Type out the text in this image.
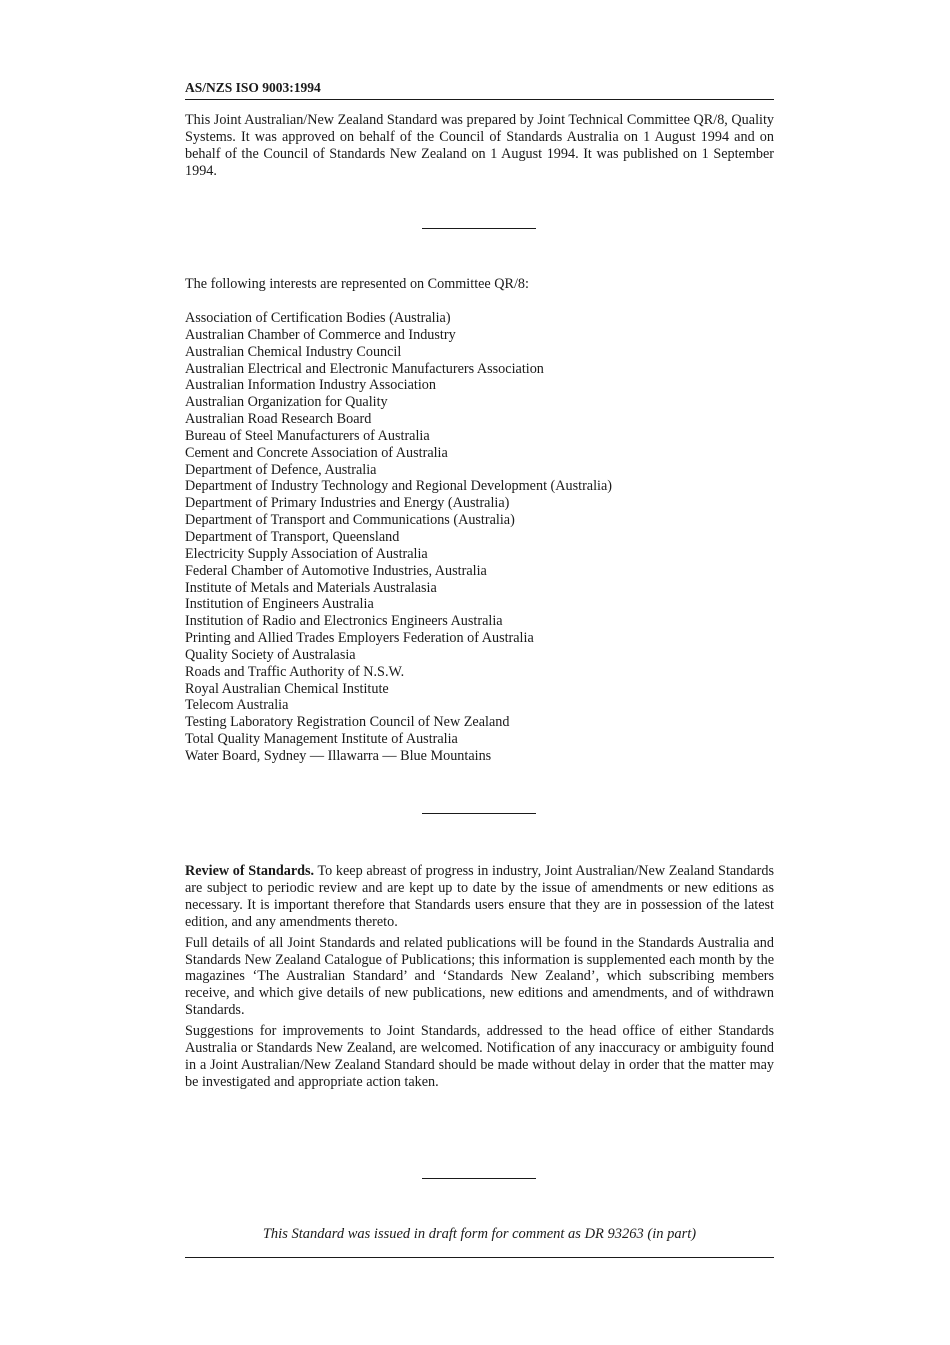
AS/NZS ISO 9003:1994

This Joint Australian/New Zealand Standard was prepared by Joint Technical Committee QR/8, Quality Systems. It was approved on behalf of the Council of Standards Australia on 1 August 1994 and on behalf of the Council of Standards New Zealand on 1 August 1994. It was published on 1 September 1994.

The following interests are represented on Committee QR/8:

Association of Certification Bodies (Australia)
Australian Chamber of Commerce and Industry
Australian Chemical Industry Council
Australian Electrical and Electronic Manufacturers Association
Australian Information Industry Association
Australian Organization for Quality
Australian Road Research Board
Bureau of Steel Manufacturers of Australia
Cement and Concrete Association of Australia
Department of Defence, Australia
Department of Industry Technology and Regional Development (Australia)
Department of Primary Industries and Energy (Australia)
Department of Transport and Communications (Australia)
Department of Transport, Queensland
Electricity Supply Association of Australia
Federal Chamber of Automotive Industries, Australia
Institute of Metals and Materials Australasia
Institution of Engineers Australia
Institution of Radio and Electronics Engineers Australia
Printing and Allied Trades Employers Federation of Australia
Quality Society of Australasia
Roads and Traffic Authority of N.S.W.
Royal Australian Chemical Institute
Telecom Australia
Testing Laboratory Registration Council of New Zealand
Total Quality Management Institute of Australia
Water Board, Sydney — Illawarra — Blue Mountains

Review of Standards. To keep abreast of progress in industry, Joint Australian/New Zealand Standards are subject to periodic review and are kept up to date by the issue of amendments or new editions as necessary. It is important therefore that Standards users ensure that they are in possession of the latest edition, and any amendments thereto.

Full details of all Joint Standards and related publications will be found in the Standards Australia and Standards New Zealand Catalogue of Publications; this information is supplemented each month by the magazines ‘The Australian Standard’ and ‘Standards New Zealand’, which subscribing members receive, and which give details of new publications, new editions and amendments, and of withdrawn Standards.

Suggestions for improvements to Joint Standards, addressed to the head office of either Standards Australia or Standards New Zealand, are welcomed. Notification of any inaccuracy or ambiguity found in a Joint Australian/New Zealand Standard should be made without delay in order that the matter may be investigated and appropriate action taken.

This Standard was issued in draft form for comment as DR 93263 (in part)
